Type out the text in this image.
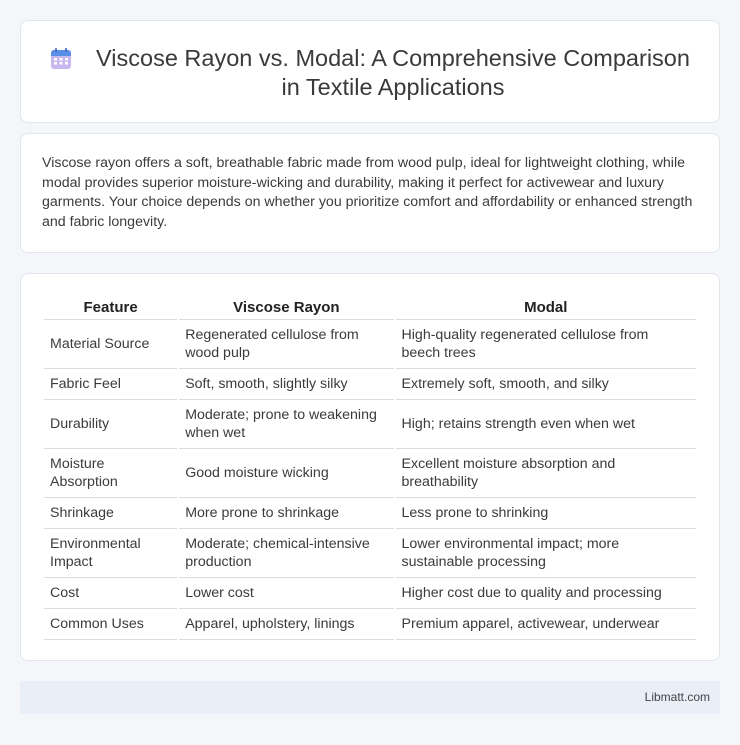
Viscose Rayon vs. Modal: A Comprehensive Comparison in Textile Applications

Viscose rayon offers a soft, breathable fabric made from wood pulp, ideal for lightweight clothing, while modal provides superior moisture-wicking and durability, making it perfect for activewear and luxury garments. Your choice depends on whether you prioritize comfort and affordability or enhanced strength and fabric longevity.

Feature	Viscose Rayon	Modal
Material Source	Regenerated cellulose from wood pulp	High-quality regenerated cellulose from beech trees
Fabric Feel	Soft, smooth, slightly silky	Extremely soft, smooth, and silky
Durability	Moderate; prone to weakening when wet	High; retains strength even when wet
Moisture Absorption	Good moisture wicking	Excellent moisture absorption and breathability
Shrinkage	More prone to shrinkage	Less prone to shrinking
Environmental Impact	Moderate; chemical-intensive production	Lower environmental impact; more sustainable processing
Cost	Lower cost	Higher cost due to quality and processing
Common Uses	Apparel, upholstery, linings	Premium apparel, activewear, underwear
Libmatt.com
